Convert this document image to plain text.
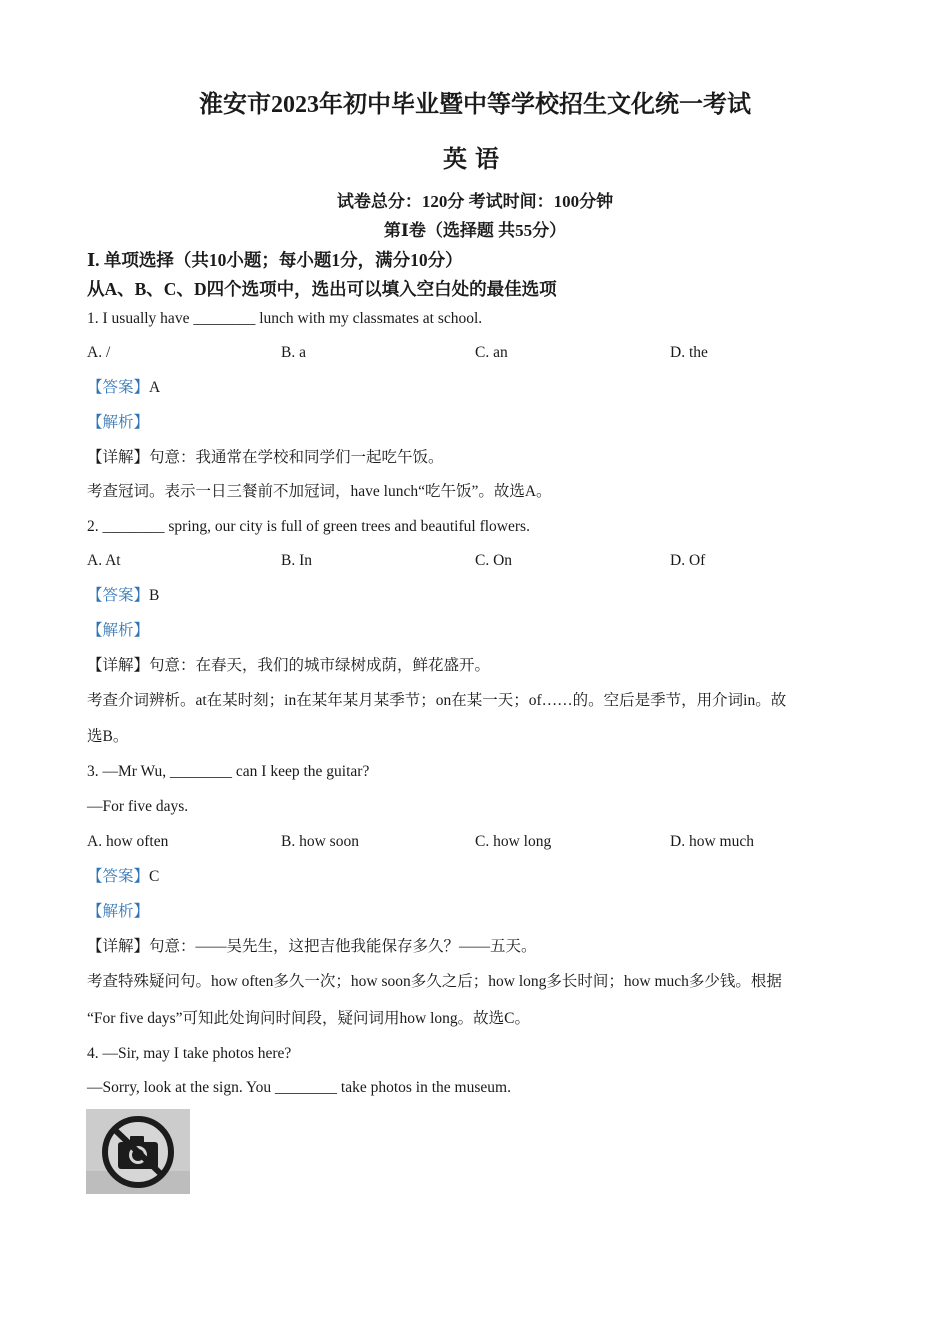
淮安市2023年初中毕业暨中等学校招生文化统一考试
英语
试卷总分：120分 考试时间：100分钟
第Ⅰ卷（选择题 共55分）
Ⅰ. 单项选择（共10小题；每小题1分，满分10分）
从A、B、C、D四个选项中，选出可以填入空白处的最佳选项
1. I usually have ________ lunch with my classmates at school.
A. /	B. a	C. an	D. the
【答案】A
【解析】
【详解】句意：我通常在学校和同学们一起吃午饭。
考查冠词。表示一日三餐前不加冠词，have lunch“吃午饭”。故选A。
2. ________ spring, our city is full of green trees and beautiful flowers.
A. At	B. In	C. On	D. Of
【答案】B
【解析】
【详解】句意：在春天，我们的城市绿树成荫，鲜花盛开。
考查介词辨析。at在某时刻；in在某年某月某季节；on在某一天；of……的。空后是季节，用介词in。故
选B。
3. —Mr Wu, ________ can I keep the guitar?
—For five days.
A. how often	B. how soon	C. how long	D. how much
【答案】C
【解析】
【详解】句意：——吴先生，这把吉他我能保存多久？——五天。
考查特殊疑问句。how often多久一次；how soon多久之后；how long多长时间；how much多少钱。根据
“For five days”可知此处询问时间段，疑问词用how long。故选C。
4. —Sir, may I take photos here?
—Sorry, look at the sign. You ________ take photos in the museum.
